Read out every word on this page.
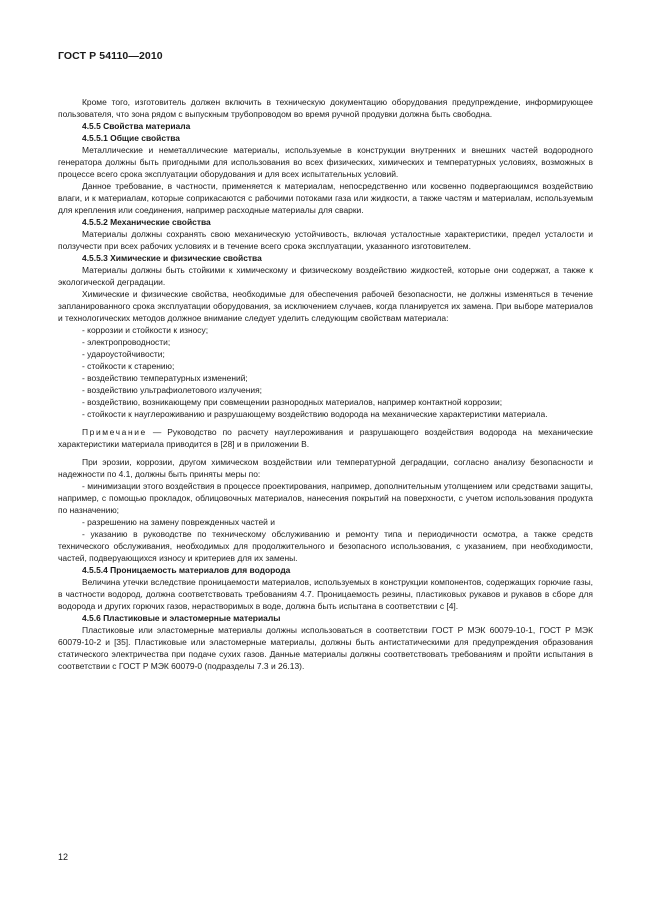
ГОСТ Р 54110—2010

Кроме того, изготовитель должен включить в техническую документацию оборудования предупреждение, информирующее пользователя, что зона рядом с выпускным трубопроводом во время ручной продувки должна быть свободна.

4.5.5 Свойства материала

4.5.5.1 Общие свойства

Металлические и неметаллические материалы, используемые в конструкции внутренних и внешних частей водородного генератора должны быть пригодными для использования во всех физических, химических и температурных условиях, возможных в процессе всего срока эксплуатации оборудования и для всех испытательных условий.

Данное требование, в частности, применяется к материалам, непосредственно или косвенно подвергающимся воздействию влаги, и к материалам, которые соприкасаются с рабочими потоками газа или жидкости, а также частям и материалам, используемым для крепления или соединения, например расходные материалы для сварки.

4.5.5.2 Механические свойства

Материалы должны сохранять свою механическую устойчивость, включая усталостные характеристики, предел усталости и ползучести при всех рабочих условиях и в течение всего срока эксплуатации, указанного изготовителем.

4.5.5.3 Химические и физические свойства

Материалы должны быть стойкими к химическому и физическому воздействию жидкостей, которые они содержат, а также к экологической деградации.

Химические и физические свойства, необходимые для обеспечения рабочей безопасности, не должны изменяться в течение запланированного срока эксплуатации оборудования, за исключением случаев, когда планируется их замена. При выборе материалов и технологических методов должное внимание следует уделить следующим свойствам материала:

- коррозии и стойкости к износу;

- электропроводности;

- удароустойчивости;

- стойкости к старению;

- воздействию температурных изменений;

- воздействию ультрафиолетового излучения;

- воздействию, возникающему при совмещении разнородных материалов, например контактной коррозии;

- стойкости к науглероживанию и разрушающему воздействию водорода на механические характеристики материала.

Примечание — Руководство по расчету науглероживания и разрушающего воздействия водорода на механические характеристики материала приводится в [28] и в приложении В.

При эрозии, коррозии, другом химическом воздействии или температурной деградации, согласно анализу безопасности и надежности по 4.1, должны быть приняты меры по:

- минимизации этого воздействия в процессе проектирования, например, дополнительным утолщением или средствами защиты, например, с помощью прокладок, облицовочных материалов, нанесения покрытий на поверхности, с учетом использования продукта по назначению;

- разрешению на замену поврежденных частей и

- указанию в руководстве по техническому обслуживанию и ремонту типа и периодичности осмотра, а также средств технического обслуживания, необходимых для продолжительного и безопасного использования, с указанием, при необходимости, частей, подверγающихся износу и критериев для их замены.

4.5.5.4 Проницаемость материалов для водорода

Величина утечки вследствие проницаемости материалов, используемых в конструкции компонентов, содержащих горючие газы, в частности водород, должна соответствовать требованиям 4.7. Проницаемость резины, пластиковых рукавов и рукавов в сборе для водорода и других горючих газов, нерастворимых в воде, должна быть испытана в соответствии с [4].

4.5.6 Пластиковые и эластомерные материалы

Пластиковые или эластомерные материалы должны использоваться в соответствии ГОСТ Р МЭК 60079-10-1, ГОСТ Р МЭК 60079-10-2 и [35]. Пластиковые или эластомерные материалы, должны быть антистатическими для предупреждения образования статического электричества при подаче сухих газов. Данные материалы должны соответствовать требованиям и пройти испытания в соответствии с ГОСТ Р МЭК 60079-0 (подразделы 7.3 и 26.13).

12
